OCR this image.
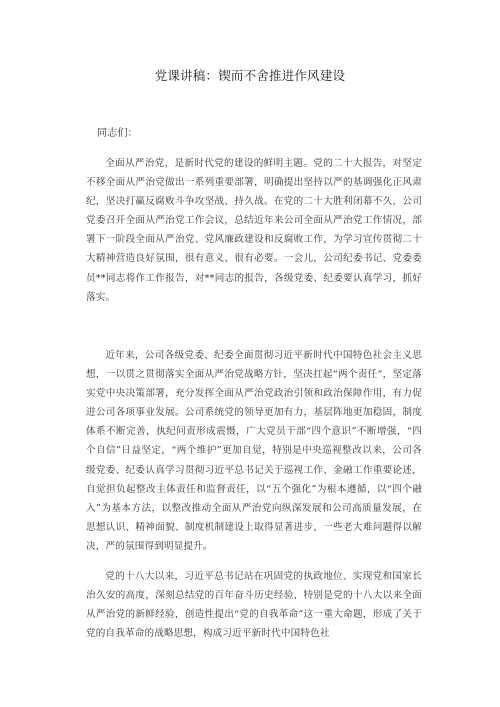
党课讲稿：锲而不舍推进作风建设
同志们：

全面从严治党，是新时代党的建设的鲜明主题。党的二十大报告，对坚定不移全面从严治党做出一系列重要部署，明确提出坚持以严的基调强化正风肃纪，坚决打赢反腐败斗争攻坚战、持久战。在党的二十大胜利闭幕不久，公司党委召开全面从严治党工作会议，总结近年来公司全面从严治党工作情况，部署下一阶段全面从严治党、党风廉政建设和反腐败工作，为学习宣传贯彻二十大精神营造良好氛围，很有意义、很有必要。一会儿，公司纪委书记、党委委员**同志将作工作报告，对**同志的报告，各级党委、纪委要认真学习，抓好落实。

近年来，公司各级党委、纪委全面贯彻习近平新时代中国特色社会主义思想，一以贯之贯彻落实全面从严治党战略方针，坚决扛起“两个责任“，坚定落实党中央决策部署，充分发挥全面从严治党政治引领和政治保障作用，有力促进公司各项事业发展。公司系统党的领导更加有力，基层阵地更加稳固，制度体系不断完善，执纪问责形成震慑，广大党员干部“四个意识”不断增强，“四个自信”日益坚定，“两个维护”更加自觉，特别是中央巡视整改以来，公司各级党委、纪委认真学习贯彻习近平总书记关于巡视工作、金融工作重要论述，自觉担负起整改主体责任和监督责任，以“五个强化”为根本遵循，以“四个融入”为基本方法，以整改推动全面从严治党向纵深发展和公司高质量发展，在思想认识、精神面貌、制度机制建设上取得显著进步，一些老大难问题得以解决，严的氛围得到明显提升。

党的十八大以来，习近平总书记站在巩固党的执政地位、实现党和国家长治久安的高度，深刻总结党的百年奋斗历史经验，特别是党的十八大以来全面从严治党的新鲜经验，创造性提出“党的自我革命”这一重大命题，形成了关于党的自我革命的战略思想，构成习近平新时代中国特色社
